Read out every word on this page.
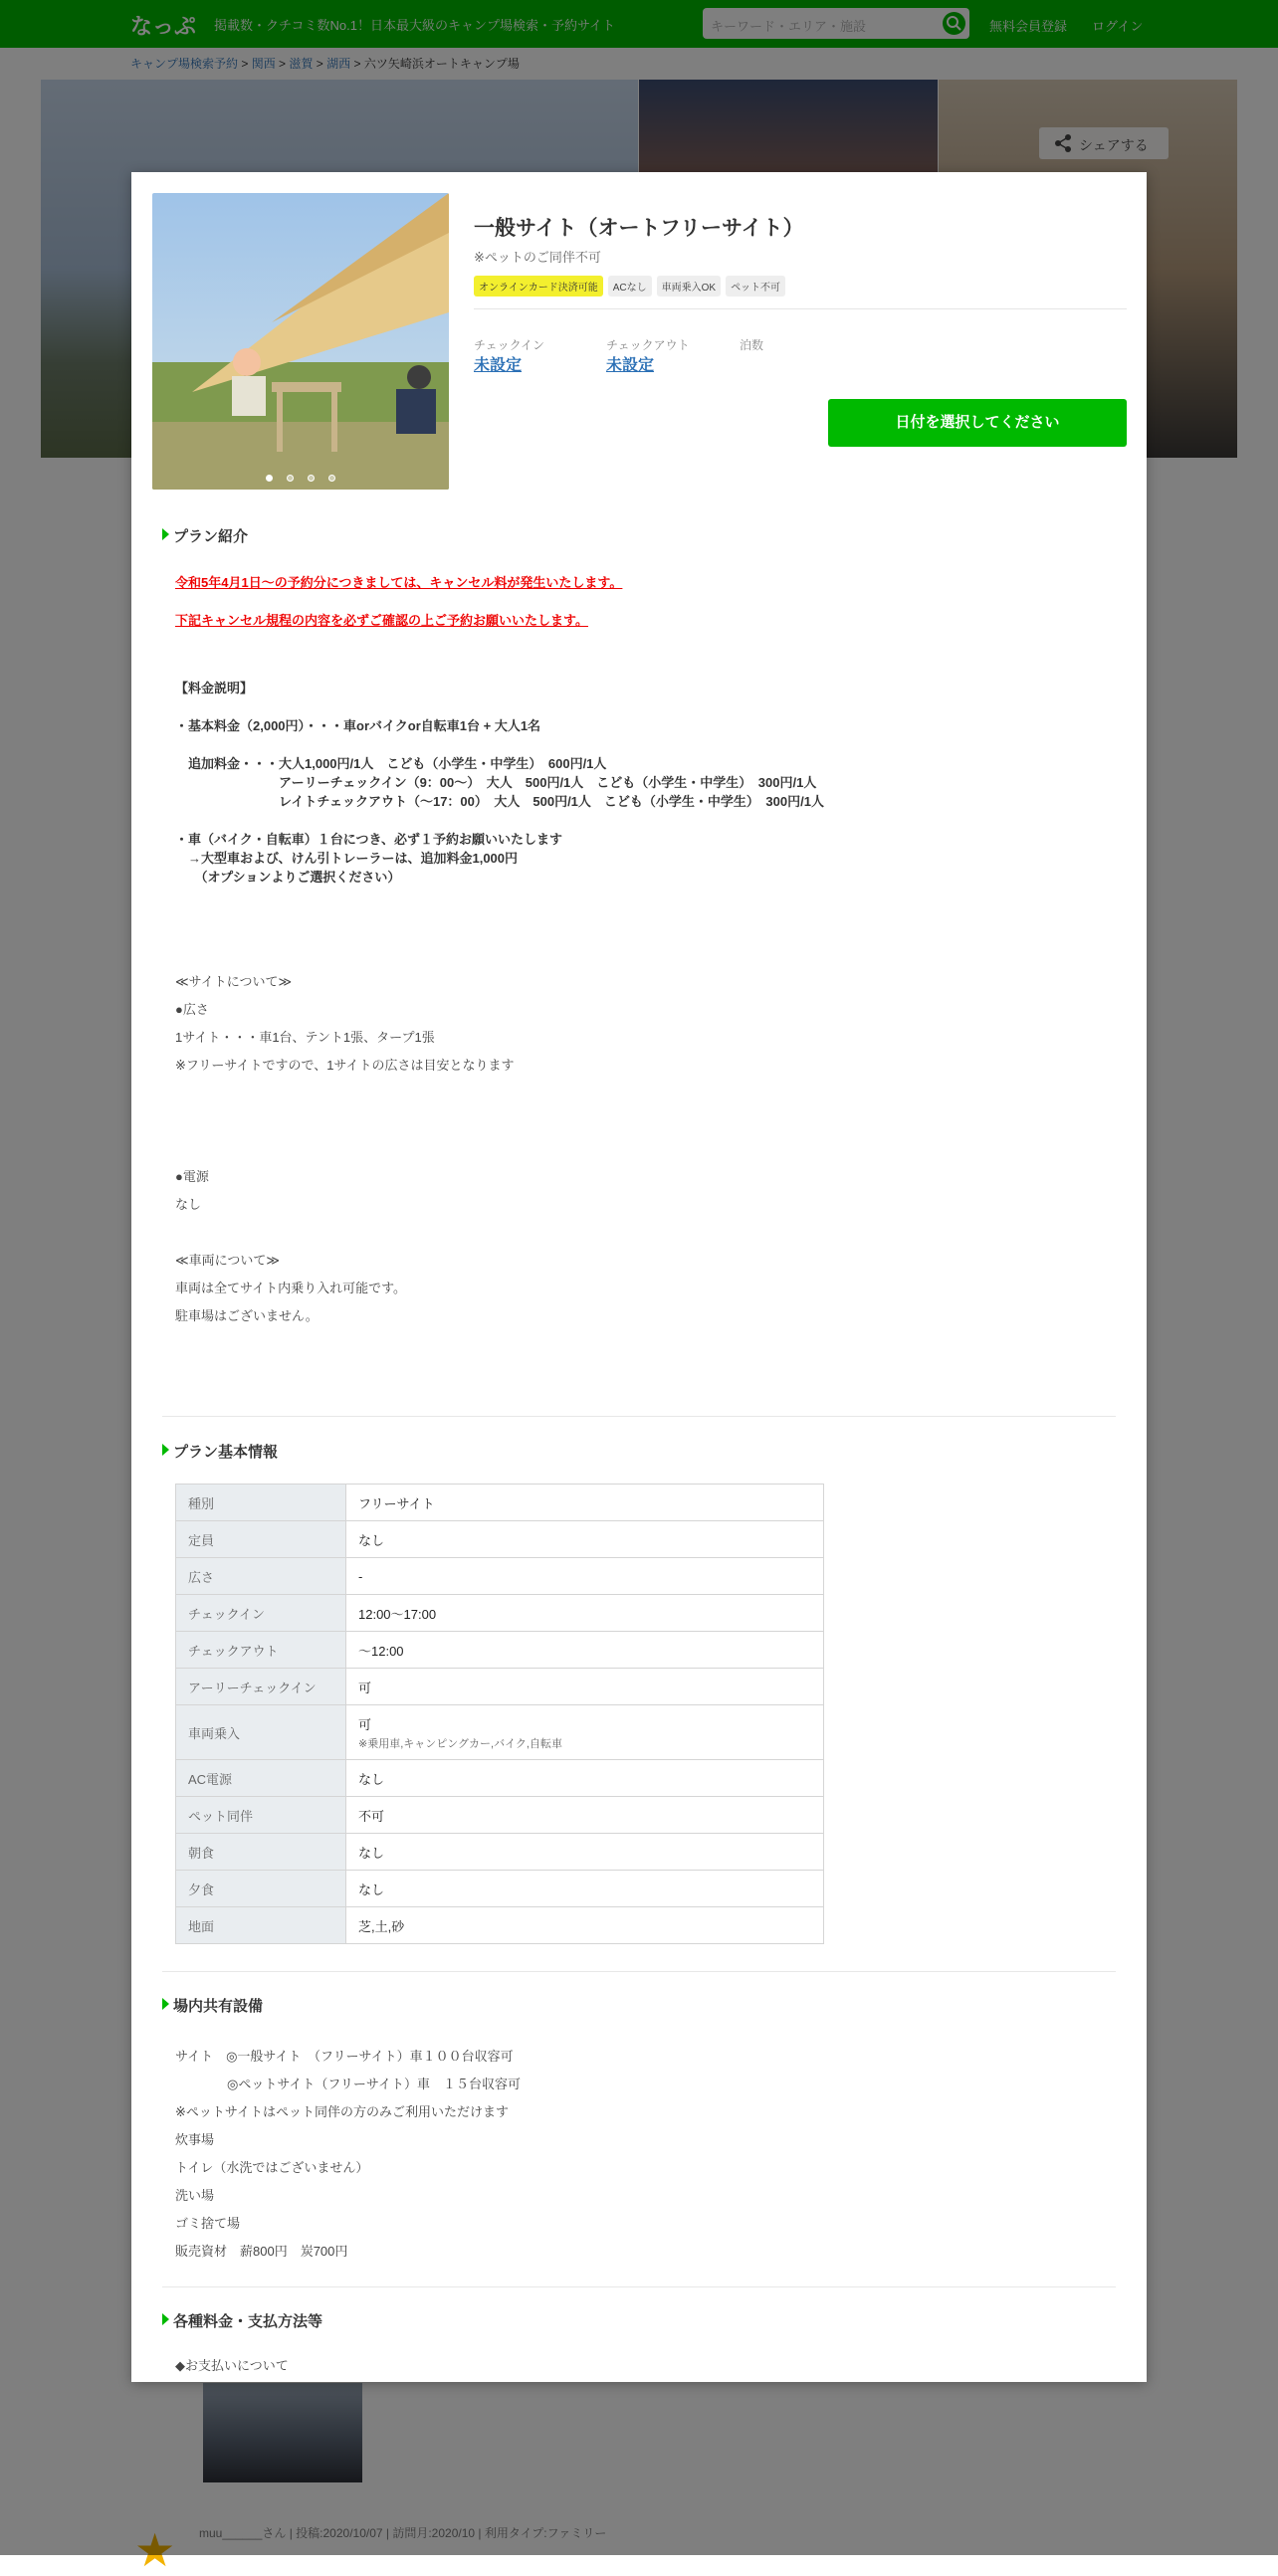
一般サイト（オートフリーサイト）
※ペットのご同伴不可
オンラインカード決済可能	ACなし	車両乗入OK	ペット不可
チェックイン
未設定
チェックアウト
未設定
泊数
日付を選択してください
プラン紹介
令和5年4月1日～の予約分につきましては、キャンセル料が発生いたします。
下記キャンセル規程の内容を必ずご確認の上ご予約お願いいたします。
【料金説明】
・基本料金（2,000円）・・・車orバイクor自転車1台 + 大人1名

　追加料金・・・大人1,000円/1人　こども（小学生・中学生）　600円/1人
　　　　　　　　アーリーチェックイン（9：00～）　大人　500円/1人　こども（小学生・中学生）　300円/1人
　　　　　　　　レイトチェックアウト（～17：00）　大人　500円/1人　こども（小学生・中学生）　300円/1人

・車（バイク・自転車）１台につき、必ず１予約お願いいたします
　→大型車および、けん引トレーラーは、追加料金1,000円
　　（オプションよりご選択ください）
≪サイトについて≫
●広さ
1サイト・・・車1台、テント1張、タープ1張
※フリーサイトですので、1サイトの広さは目安となります

●電源
なし

≪車両について≫
車両は全てサイト内乗り入れ可能です。
駐車場はございません。
プラン基本情報
種別	フリーサイト
定員	なし
広さ	-
チェックイン	12:00〜17:00
チェックアウト	〜12:00
アーリーチェックイン	可
車両乗入	可
※乗用車,キャンピングカー,バイク,自転車

AC電源	なし
ペット同伴	不可
朝食	なし
夕食	なし
地面	芝,土,砂
場内共有設備
サイト　◎一般サイト　（フリーサイト）車１００台収容可
　　　　◎ペットサイト（フリーサイト）車　１５台収容可
※ペットサイトはペット同伴の方のみご利用いただけます
炊事場
トイレ（水洗ではございません）
洗い場
ゴミ捨て場
販売資材　薪800円　炭700円
各種料金・支払方法等
◆お支払いについて
